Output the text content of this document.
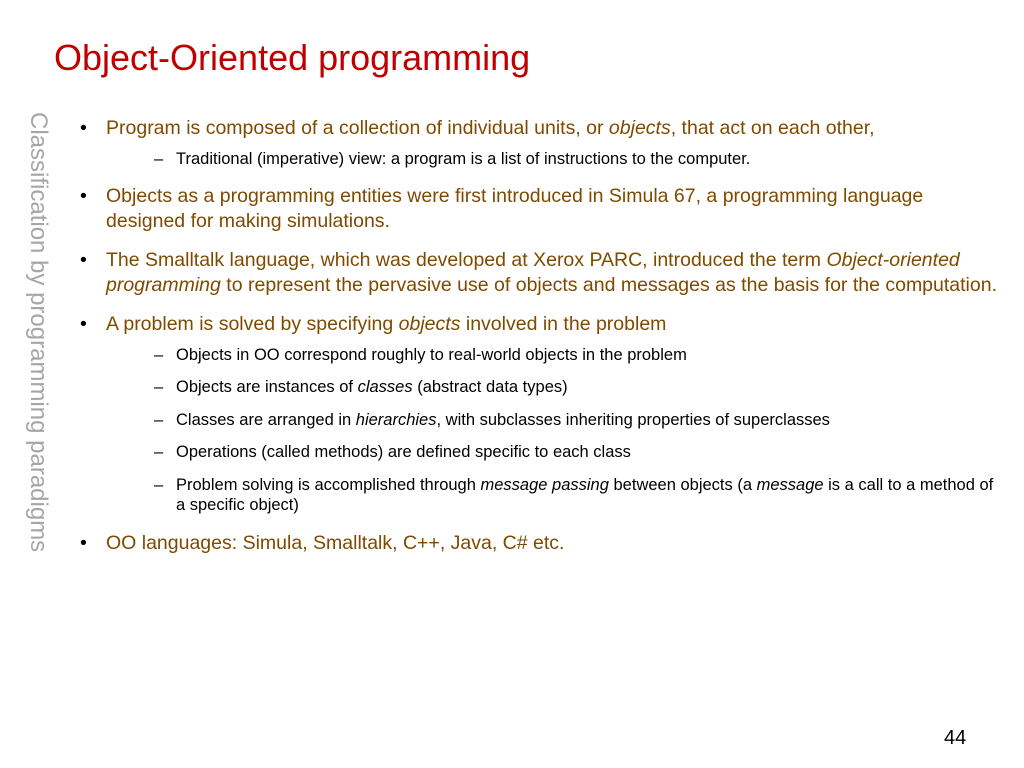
Object-Oriented programming
Classification by programming paradigms • Program is composed of a collection of individual units, or objects, that act on each other,
– Traditional (imperative) view: a program is a list of instructions to the computer.
• Objects as a programming entities were first introduced in Simula 67, a programming language designed for making simulations.
• The Smalltalk language, which was developed at Xerox PARC, introduced the term Object-oriented programming to represent the pervasive use of objects and messages as the basis for the computation.
• A problem is solved by specifying objects involved in the problem
– Objects in OO correspond roughly to real-world objects in the problem
– Objects are instances of classes (abstract data types)
– Classes are arranged in hierarchies, with subclasses inheriting properties of superclasses
– Operations (called methods) are defined specific to each class
– Problem solving is accomplished through message passing between objects (a message is a call to a method of a specific object)
• OO languages: Simula, Smalltalk, C++, Java, C# etc.
44
